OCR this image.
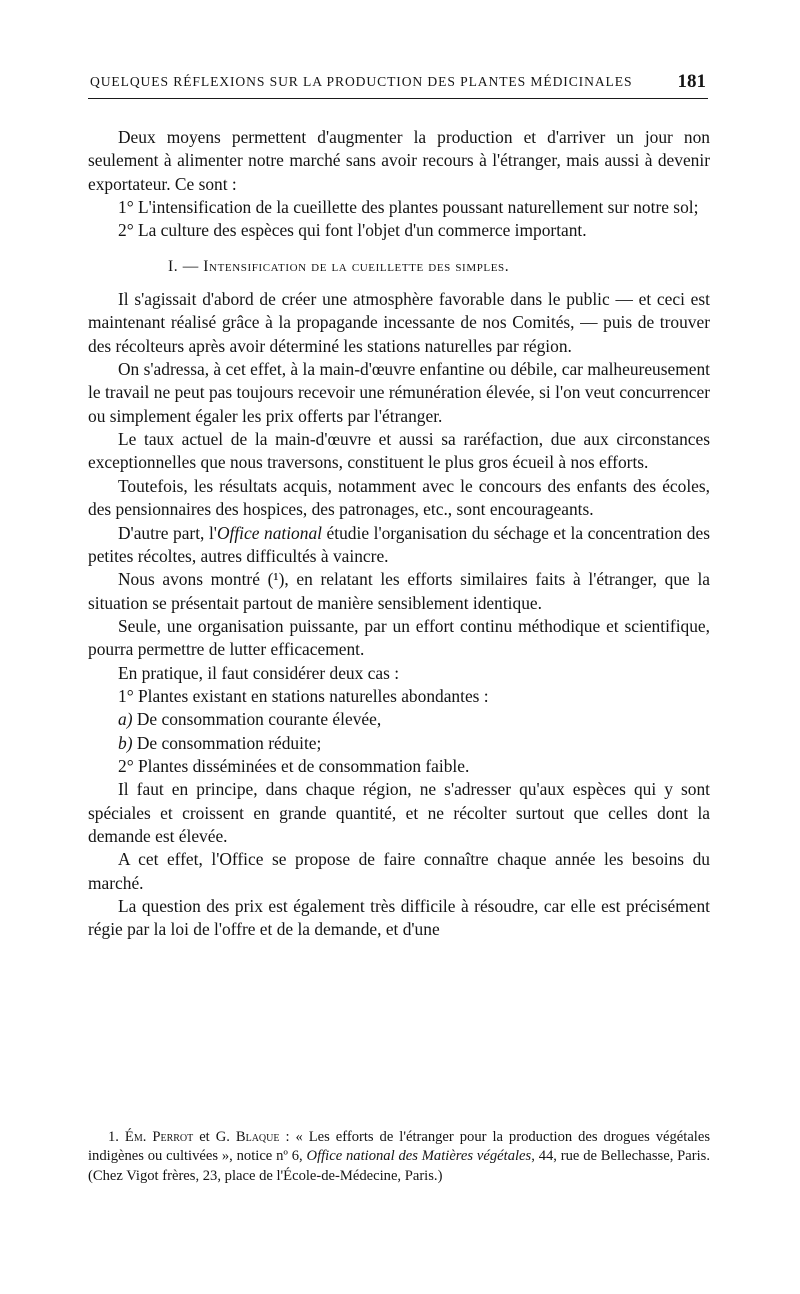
QUELQUES RÉFLEXIONS SUR LA PRODUCTION DES PLANTES MÉDICINALES 181

Deux moyens permettent d'augmenter la production et d'arriver un jour non seulement à alimenter notre marché sans avoir recours à l'étranger, mais aussi à devenir exportateur. Ce sont :

1° L'intensification de la cueillette des plantes poussant naturellement sur notre sol;

2° La culture des espèces qui font l'objet d'un commerce important.

I. — Intensification de la cueillette des simples.

Il s'agissait d'abord de créer une atmosphère favorable dans le public — et ceci est maintenant réalisé grâce à la propagande incessante de nos Comités, — puis de trouver des récolteurs après avoir déterminé les stations naturelles par région.

On s'adressa, à cet effet, à la main-d'œuvre enfantine ou débile, car malheureusement le travail ne peut pas toujours recevoir une rémunération élevée, si l'on veut concurrencer ou simplement égaler les prix offerts par l'étranger.

Le taux actuel de la main-d'œuvre et aussi sa raréfaction, due aux circonstances exceptionnelles que nous traversons, constituent le plus gros écueil à nos efforts.

Toutefois, les résultats acquis, notamment avec le concours des enfants des écoles, des pensionnaires des hospices, des patronages, etc., sont encourageants.

D'autre part, l'Office national étudie l'organisation du séchage et la concentration des petites récoltes, autres difficultés à vaincre.

Nous avons montré (¹), en relatant les efforts similaires faits à l'étranger, que la situation se présentait partout de manière sensiblement identique.

Seule, une organisation puissante, par un effort continu méthodique et scientifique, pourra permettre de lutter efficacement.

En pratique, il faut considérer deux cas :

1° Plantes existant en stations naturelles abondantes :

a) De consommation courante élevée,

b) De consommation réduite;

2° Plantes disséminées et de consommation faible.

Il faut en principe, dans chaque région, ne s'adresser qu'aux espèces qui y sont spéciales et croissent en grande quantité, et ne récolter surtout que celles dont la demande est élevée.

A cet effet, l'Office se propose de faire connaître chaque année les besoins du marché.

La question des prix est également très difficile à résoudre, car elle est précisément régie par la loi de l'offre et de la demande, et d'une

1. Ém. Perrot et G. Blaque : « Les efforts de l'étranger pour la production des drogues végétales indigènes ou cultivées », notice nº 6, Office national des Matières végétales, 44, rue de Bellechasse, Paris. (Chez Vigot frères, 23, place de l'École-de-Médecine, Paris.)
